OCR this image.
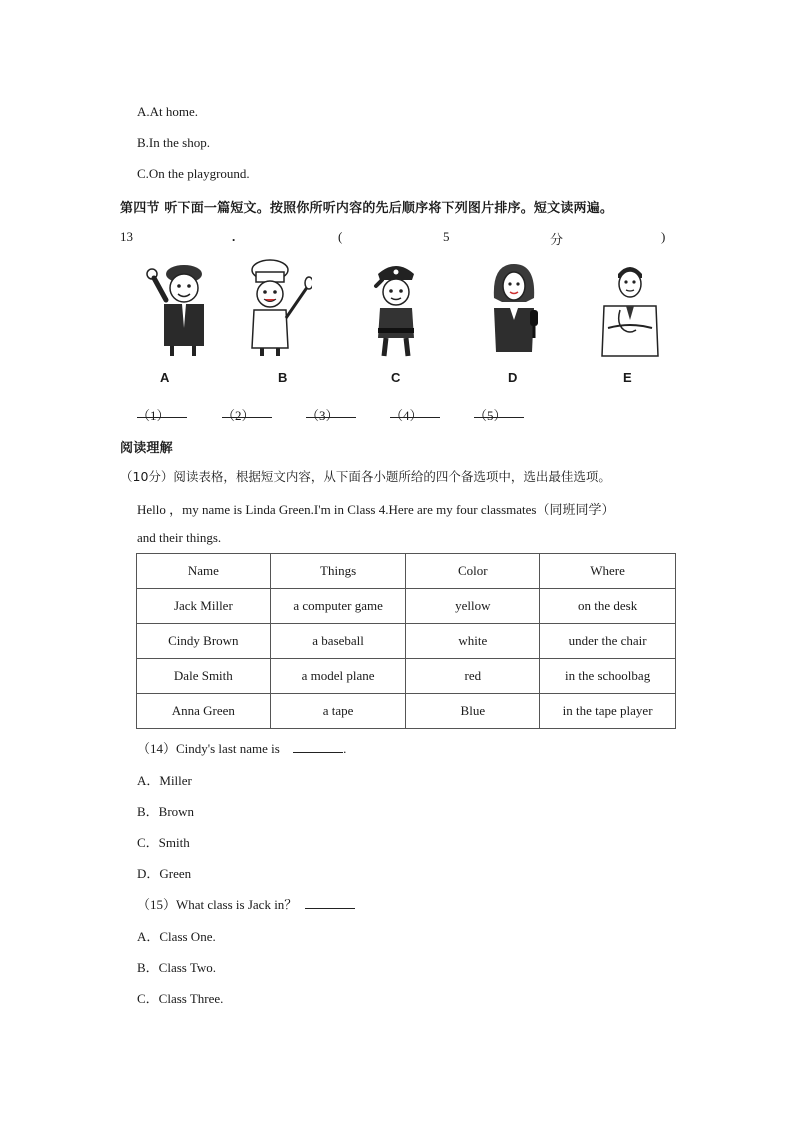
A.At home.
B.In the shop.
C.On the playground.
第四节 听下面一篇短文。按照你所听内容的先后顺序将下列图片排序。短文读两遍。
13	.	(	5	分	)
A	B	C	D	E
（1）	（2）	（3）	（4）	（5）
阅读理解
（10分）阅读表格，根据短文内容，从下面各小题所给的四个备选项中，选出最佳选项。
Hello ，my name is Linda Green.I'm in Class 4.Here are my four classmates（同班同学）
and their things.
Name	Things	Color	Where
Jack Miller	a computer game	yellow	on the desk
Cindy Brown	a baseball	white	under the chair
Dale Smith	a model plane	red	in the schoolbag
Anna Green	a tape	Blue	in the tape player
（14）Cindy's last name is	.
A．Miller
B．Brown
C．Smith
D．Green
（15）What class is Jack in？
A．Class One.
B．Class Two.
C．Class Three.
